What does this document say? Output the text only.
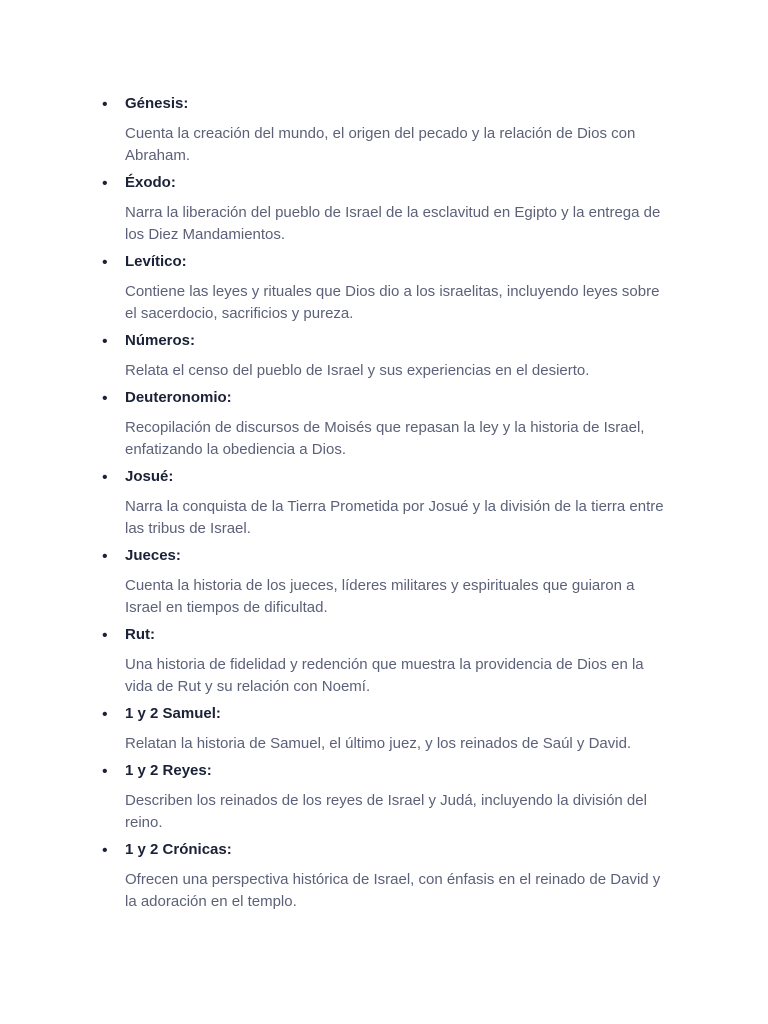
• Génesis:
Cuenta la creación del mundo, el origen del pecado y la relación de Dios con Abraham.
• Éxodo:
Narra la liberación del pueblo de Israel de la esclavitud en Egipto y la entrega de los Diez Mandamientos.
• Levítico:
Contiene las leyes y rituales que Dios dio a los israelitas, incluyendo leyes sobre el sacerdocio, sacrificios y pureza.
• Números:
Relata el censo del pueblo de Israel y sus experiencias en el desierto.
• Deuteronomio:
Recopilación de discursos de Moisés que repasan la ley y la historia de Israel, enfatizando la obediencia a Dios.
• Josué:
Narra la conquista de la Tierra Prometida por Josué y la división de la tierra entre las tribus de Israel.
• Jueces:
Cuenta la historia de los jueces, líderes militares y espirituales que guiaron a Israel en tiempos de dificultad.
• Rut:
Una historia de fidelidad y redención que muestra la providencia de Dios en la vida de Rut y su relación con Noemí.
• 1 y 2 Samuel:
Relatan la historia de Samuel, el último juez, y los reinados de Saúl y David.
• 1 y 2 Reyes:
Describen los reinados de los reyes de Israel y Judá, incluyendo la división del reino.
• 1 y 2 Crónicas:
Ofrecen una perspectiva histórica de Israel, con énfasis en el reinado de David y la adoración en el templo.
